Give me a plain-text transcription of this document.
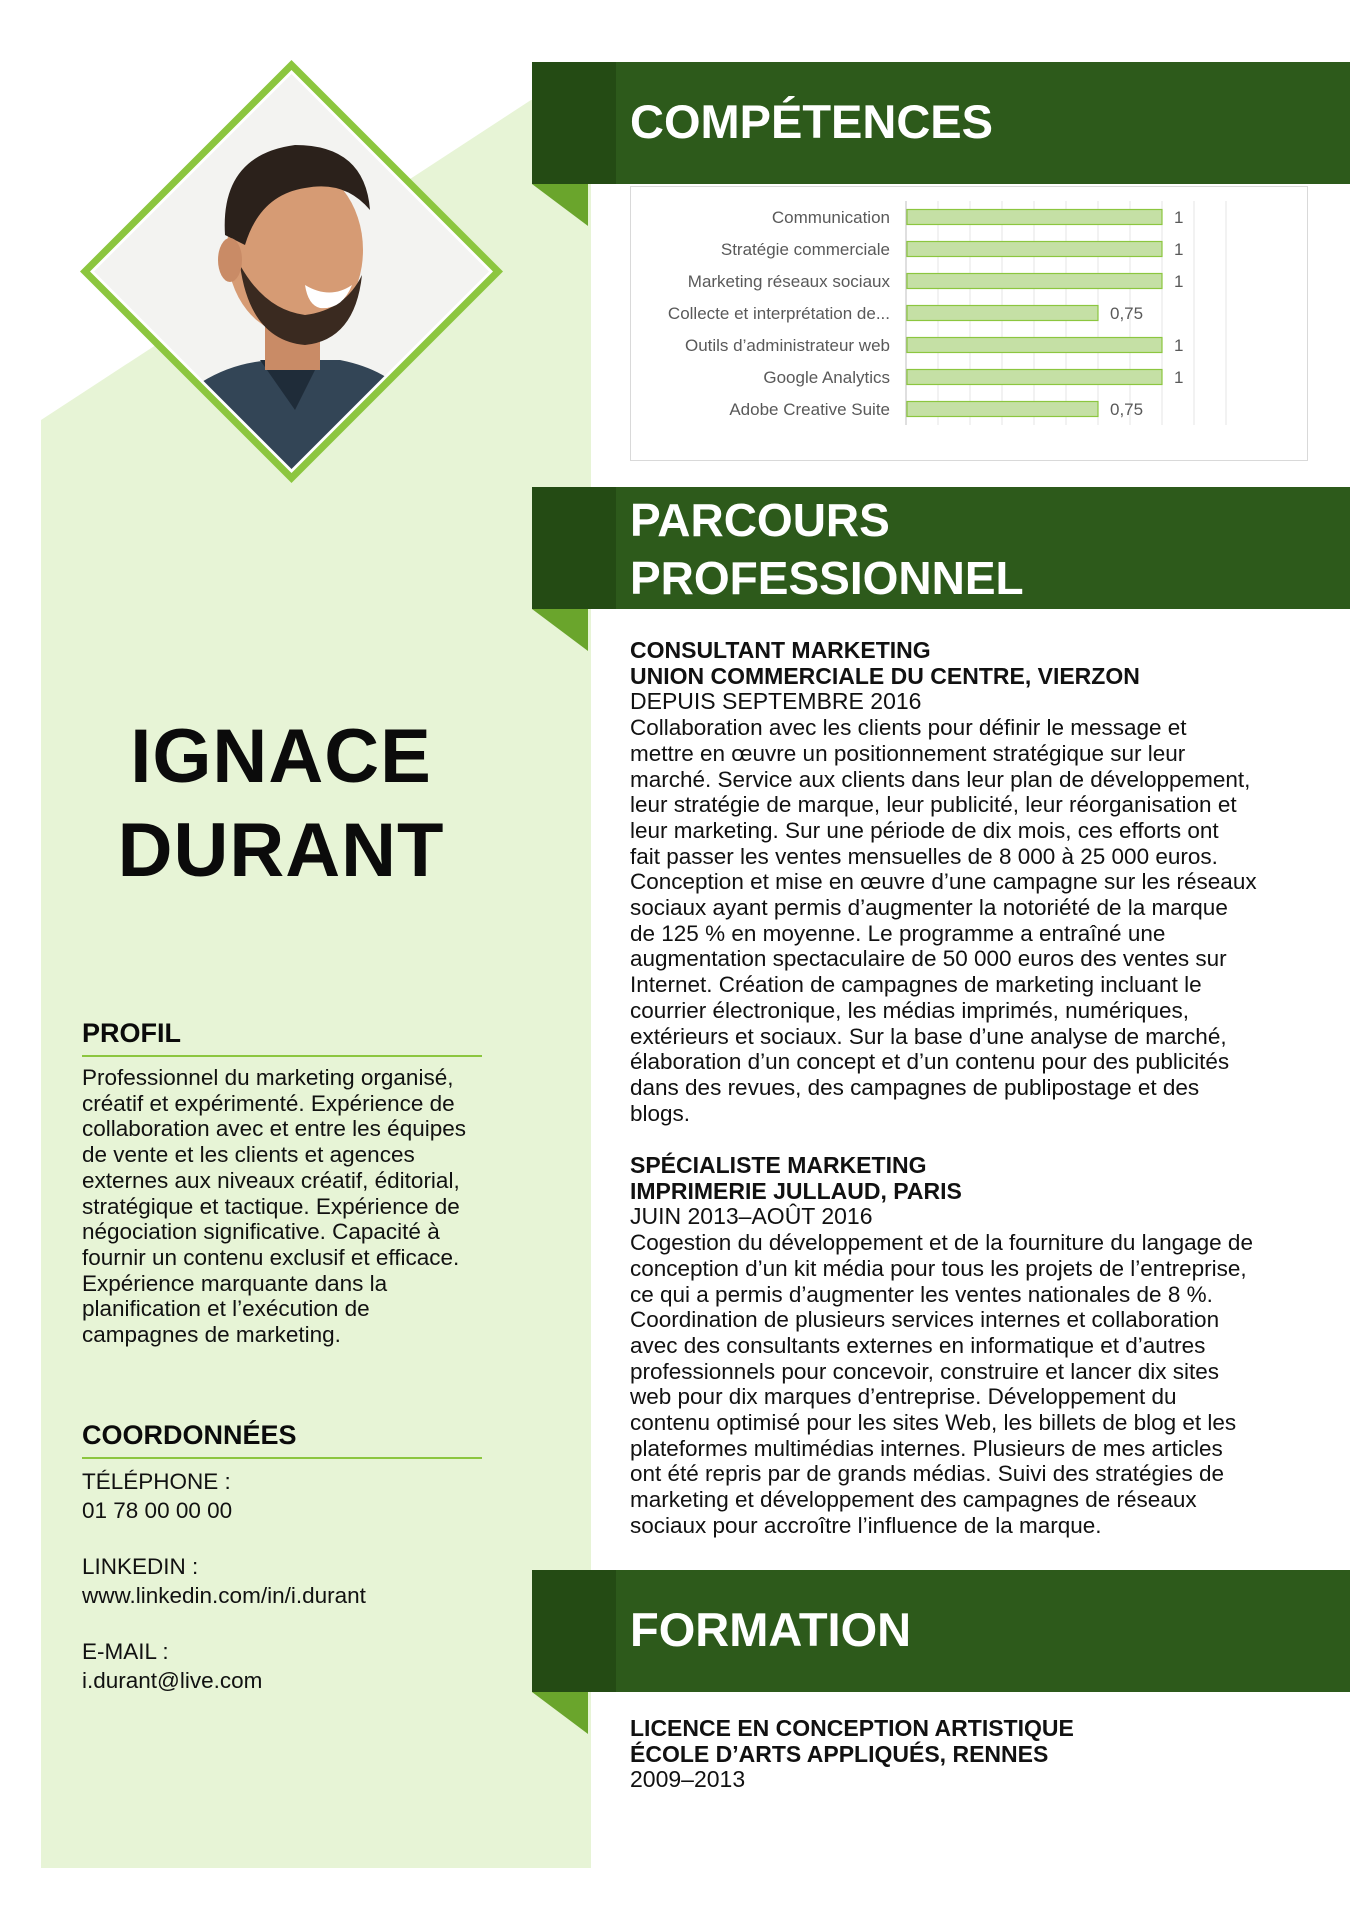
IGNACE
DURANT
PROFIL
Professionnel du marketing organisé, créatif et expérimenté. Expérience de collaboration avec et entre les équipes de vente et les clients et agences externes aux niveaux créatif, éditorial, stratégique et tactique. Expérience de négociation significative. Capacité à fournir un contenu exclusif et efficace. Expérience marquante dans la planification et l’exécution de campagnes de marketing.
COORDONNÉES
TÉLÉPHONE :
01 78 00 00 00
LINKEDIN :
www.linkedin.com/in/i.durant
E-MAIL :
i.durant@live.com
COMPÉTENCES
Communication	1
Stratégie commerciale	1
Marketing réseaux sociaux	1
Collecte et interprétation de...	0,75
Outils d’administrateur web	1
Google Analytics	1
Adobe Creative Suite	0,75
PARCOURS
PROFESSIONNEL
CONSULTANT MARKETING
UNION COMMERCIALE DU CENTRE, VIERZON
DEPUIS SEPTEMBRE 2016
Collaboration avec les clients pour définir le message et
mettre en œuvre un positionnement stratégique sur leur
marché. Service aux clients dans leur plan de développement,
leur stratégie de marque, leur publicité, leur réorganisation et
leur marketing. Sur une période de dix mois, ces efforts ont
fait passer les ventes mensuelles de 8 000 à 25 000 euros.
Conception et mise en œuvre d’une campagne sur les réseaux
sociaux ayant permis d’augmenter la notoriété de la marque
de 125 % en moyenne. Le programme a entraîné une
augmentation spectaculaire de 50 000 euros des ventes sur
Internet. Création de campagnes de marketing incluant le
courrier électronique, les médias imprimés, numériques,
extérieurs et sociaux. Sur la base d’une analyse de marché,
élaboration d’un concept et d’un contenu pour des publicités
dans des revues, des campagnes de publipostage et des
blogs.
SPÉCIALISTE MARKETING
IMPRIMERIE JULLAUD, PARIS
JUIN 2013–AOÛT 2016
Cogestion du développement et de la fourniture du langage de
conception d’un kit média pour tous les projets de l’entreprise,
ce qui a permis d’augmenter les ventes nationales de 8 %.
Coordination de plusieurs services internes et collaboration
avec des consultants externes en informatique et d’autres
professionnels pour concevoir, construire et lancer dix sites
web pour dix marques d’entreprise. Développement du
contenu optimisé pour les sites Web, les billets de blog et les
plateformes multimédias internes. Plusieurs de mes articles
ont été repris par de grands médias. Suivi des stratégies de
marketing et développement des campagnes de réseaux
sociaux pour accroître l’influence de la marque.
FORMATION
LICENCE EN CONCEPTION ARTISTIQUE
ÉCOLE D’ARTS APPLIQUÉS, RENNES
2009–2013
